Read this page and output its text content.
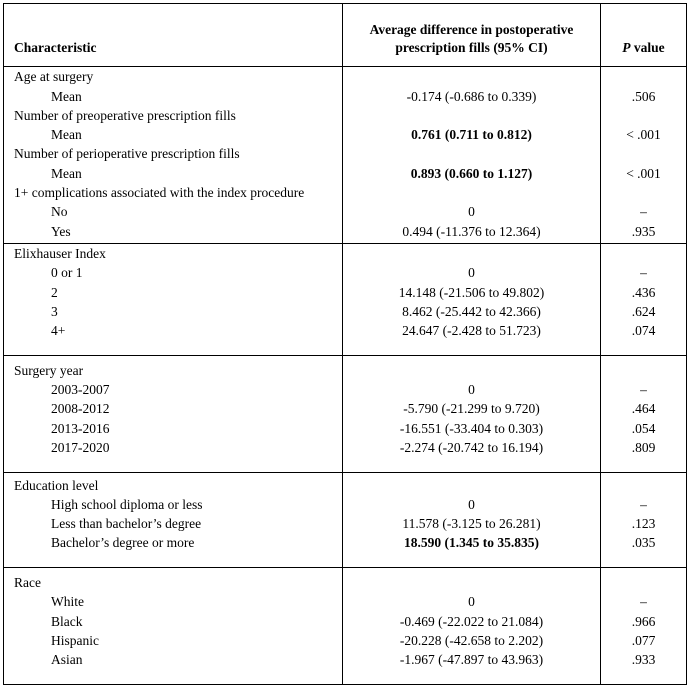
Characteristic	Average difference in postoperative
prescription fills (95% CI)	P value
Age at surgery		
Mean	-0.174 (-0.686 to 0.339)	.506
Number of preoperative prescription fills		
Mean	0.761 (0.711 to 0.812)	< .001
Number of perioperative prescription fills		
Mean	0.893 (0.660 to 1.127)	< .001
1+ complications associated with the index procedure		
No	0	–
Yes	0.494 (-11.376 to 12.364)	.935
Elixhauser Index		
0 or 1	0	–
2	14.148 (-21.506 to 49.802)	.436
3	8.462 (-25.442 to 42.366)	.624
4+	24.647 (-2.428 to 51.723)	.074

Surgery year		
2003-2007	0	–
2008-2012	-5.790 (-21.299 to 9.720)	.464
2013-2016	-16.551 (-33.404 to 0.303)	.054
2017-2020	-2.274 (-20.742 to 16.194)	.809

Education level		
High school diploma or less	0	–
Less than bachelor’s degree	11.578 (-3.125 to 26.281)	.123
Bachelor’s degree or more	18.590 (1.345 to 35.835)	.035

Race		
White	0	–
Black	-0.469 (-22.022 to 21.084)	.966
Hispanic	-20.228 (-42.658 to 2.202)	.077
Asian	-1.967 (-47.897 to 43.963)	.933
